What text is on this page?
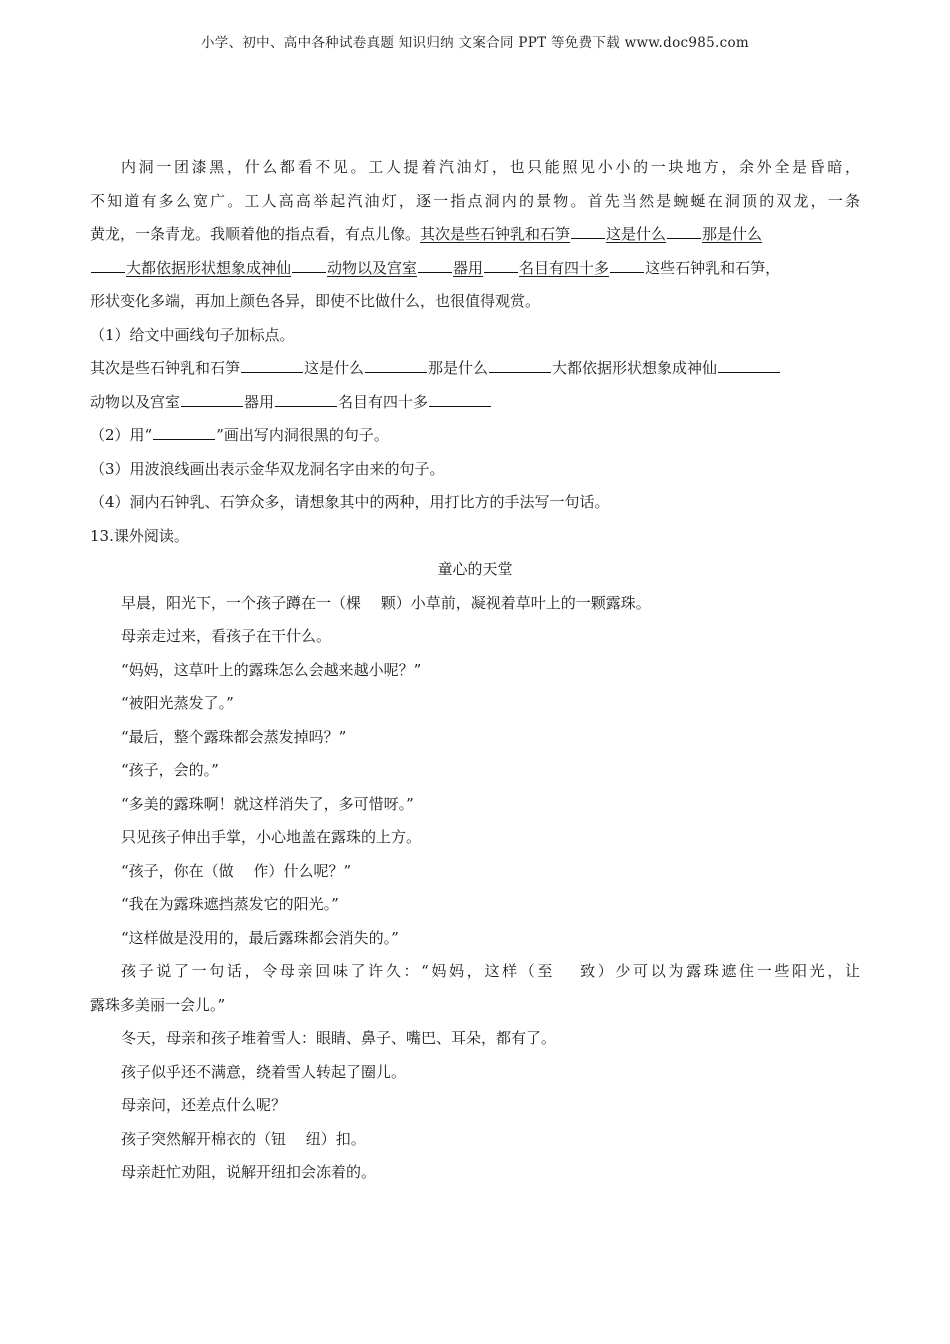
小学、初中、高中各种试卷真题 知识归纳 文案合同 PPT 等免费下载 www.doc985.com
内洞一团漆黑，什么都看不见。工人提着汽油灯，也只能照见小小的一块地方，余外全是昏暗，
不知道有多么宽广。工人高高举起汽油灯，逐一指点洞内的景物。首先当然是蜿蜒在洞顶的双龙，一条
黄龙，一条青龙。我顺着他的指点看，有点儿像。其次是些石钟乳和石笋 这是什么 那是什么
大都依据形状想象成神仙 动物以及宫室 器用 名目有四十多 这些石钟乳和石笋，
形状变化多端，再加上颜色各异，即使不比做什么，也很值得观赏。
（1）给文中画线句子加标点。
其次是些石钟乳和石笋	这是什么	那是什么	大都依据形状想象成神仙
动物以及宫室	器用	名目有四十多
（2）用“	”画出写内洞很黑的句子。
（3）用波浪线画出表示金华双龙洞名字由来的句子。
（4）洞内石钟乳、石笋众多，请想象其中的两种，用打比方的手法写一句话。
13.课外阅读。
童心的天堂
早晨，阳光下，一个孩子蹲在一（棵　 颗）小草前，凝视着草叶上的一颗露珠。
母亲走过来，看孩子在干什么。
“妈妈，这草叶上的露珠怎么会越来越小呢？”
“被阳光蒸发了。”
“最后，整个露珠都会蒸发掉吗？”
“孩子，会的。”
“多美的露珠啊！就这样消失了，多可惜呀。”
只见孩子伸出手掌，小心地盖在露珠的上方。
“孩子，你在（做　 作）什么呢？”
“我在为露珠遮挡蒸发它的阳光。”
“这样做是没用的，最后露珠都会消失的。”
孩子说了一句话，令母亲回味了许久：“妈妈，这样（至　 致）少可以为露珠遮住一些阳光，让
露珠多美丽一会儿。”
冬天，母亲和孩子堆着雪人：眼睛、鼻子、嘴巴、耳朵，都有了。
孩子似乎还不满意，绕着雪人转起了圈儿。
母亲问，还差点什么呢？
孩子突然解开棉衣的（钮　 纽）扣。
母亲赶忙劝阻，说解开纽扣会冻着的。
